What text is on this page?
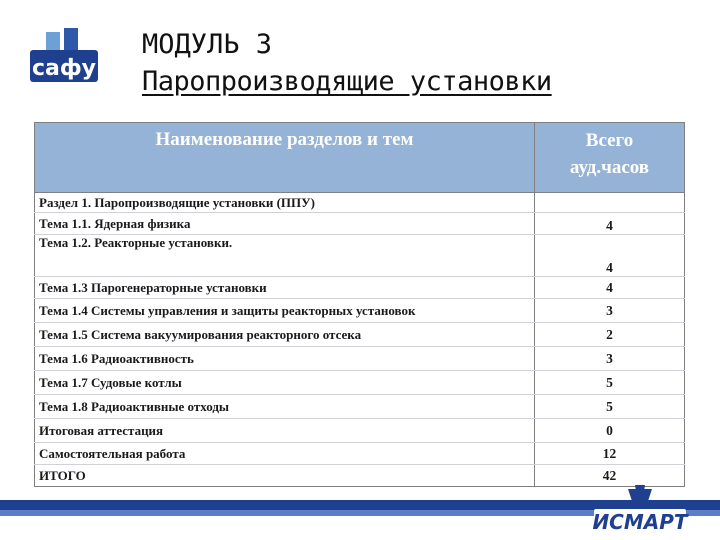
сафу
МОДУЛЬ 3
Паропроизводящие установки
Наименование разделов и тем	Всего
ауд.часов

Раздел 1. Паропроизводящие установки (ППУ)	
Тема 1.1. Ядерная физика	4
Тема 1.2. Реакторные установки.	4
Тема 1.3 Парогенераторные установки	4
Тема 1.4 Системы управления и защиты реакторных установок	3
Тема 1.5 Система вакуумирования реакторного отсека	2
Тема 1.6 Радиоактивность	3
Тема 1.7 Судовые котлы	5
Тема 1.8 Радиоактивные отходы	5
Итоговая аттестация	0
Самостоятельная работа	12
ИТОГО	42
ИСМАРТ
